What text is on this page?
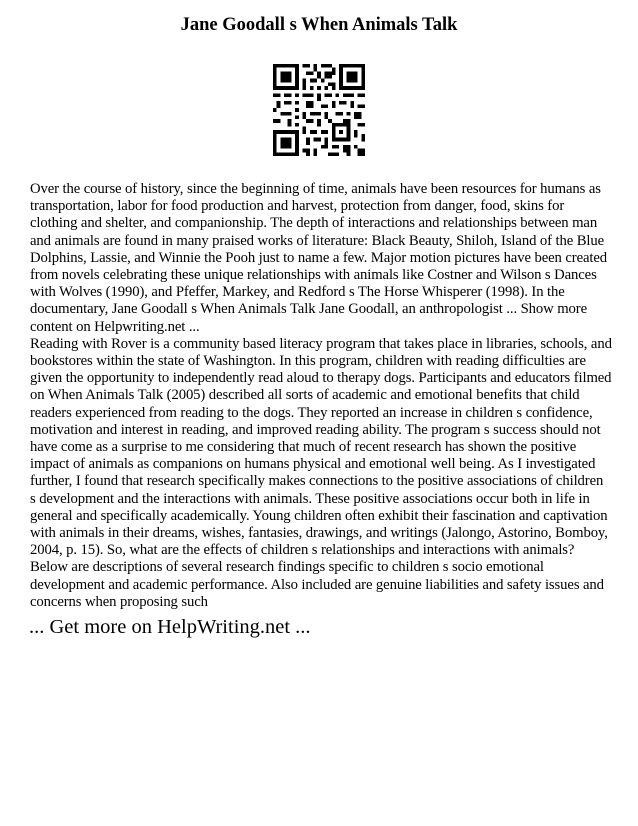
Jane Goodall s When Animals Talk

Over the course of history, since the beginning of time, animals have been resources for humans as transportation, labor for food production and harvest, protection from danger, food, skins for clothing and shelter, and companionship. The depth of interactions and relationships between man and animals are found in many praised works of literature: Black Beauty, Shiloh, Island of the Blue Dolphins, Lassie, and Winnie the Pooh just to name a few. Major motion pictures have been created from novels celebrating these unique relationships with animals like Costner and Wilson s Dances with Wolves (1990), and Pfeffer, Markey, and Redford s The Horse Whisperer (1998). In the documentary, Jane Goodall s When Animals Talk Jane Goodall, an anthropologist ... Show more content on Helpwriting.net ...

Reading with Rover is a community based literacy program that takes place in libraries, schools, and bookstores within the state of Washington. In this program, children with reading difficulties are given the opportunity to independently read aloud to therapy dogs. Participants and educators filmed on When Animals Talk (2005) described all sorts of academic and emotional benefits that child readers experienced from reading to the dogs. They reported an increase in children s confidence, motivation and interest in reading, and improved reading ability. The program s success should not have come as a surprise to me considering that much of recent research has shown the positive impact of animals as companions on humans physical and emotional well being. As I investigated further, I found that research specifically makes connections to the positive associations of children s development and the interactions with animals. These positive associations occur both in life in general and specifically academically. Young children often exhibit their fascination and captivation with animals in their dreams, wishes, fantasies, drawings, and writings (Jalongo, Astorino, Bomboy, 2004, p. 15). So, what are the effects of children s relationships and interactions with animals? Below are descriptions of several research findings specific to children s socio emotional development and academic performance. Also included are genuine liabilities and safety issues and concerns when proposing such

... Get more on HelpWriting.net ...
